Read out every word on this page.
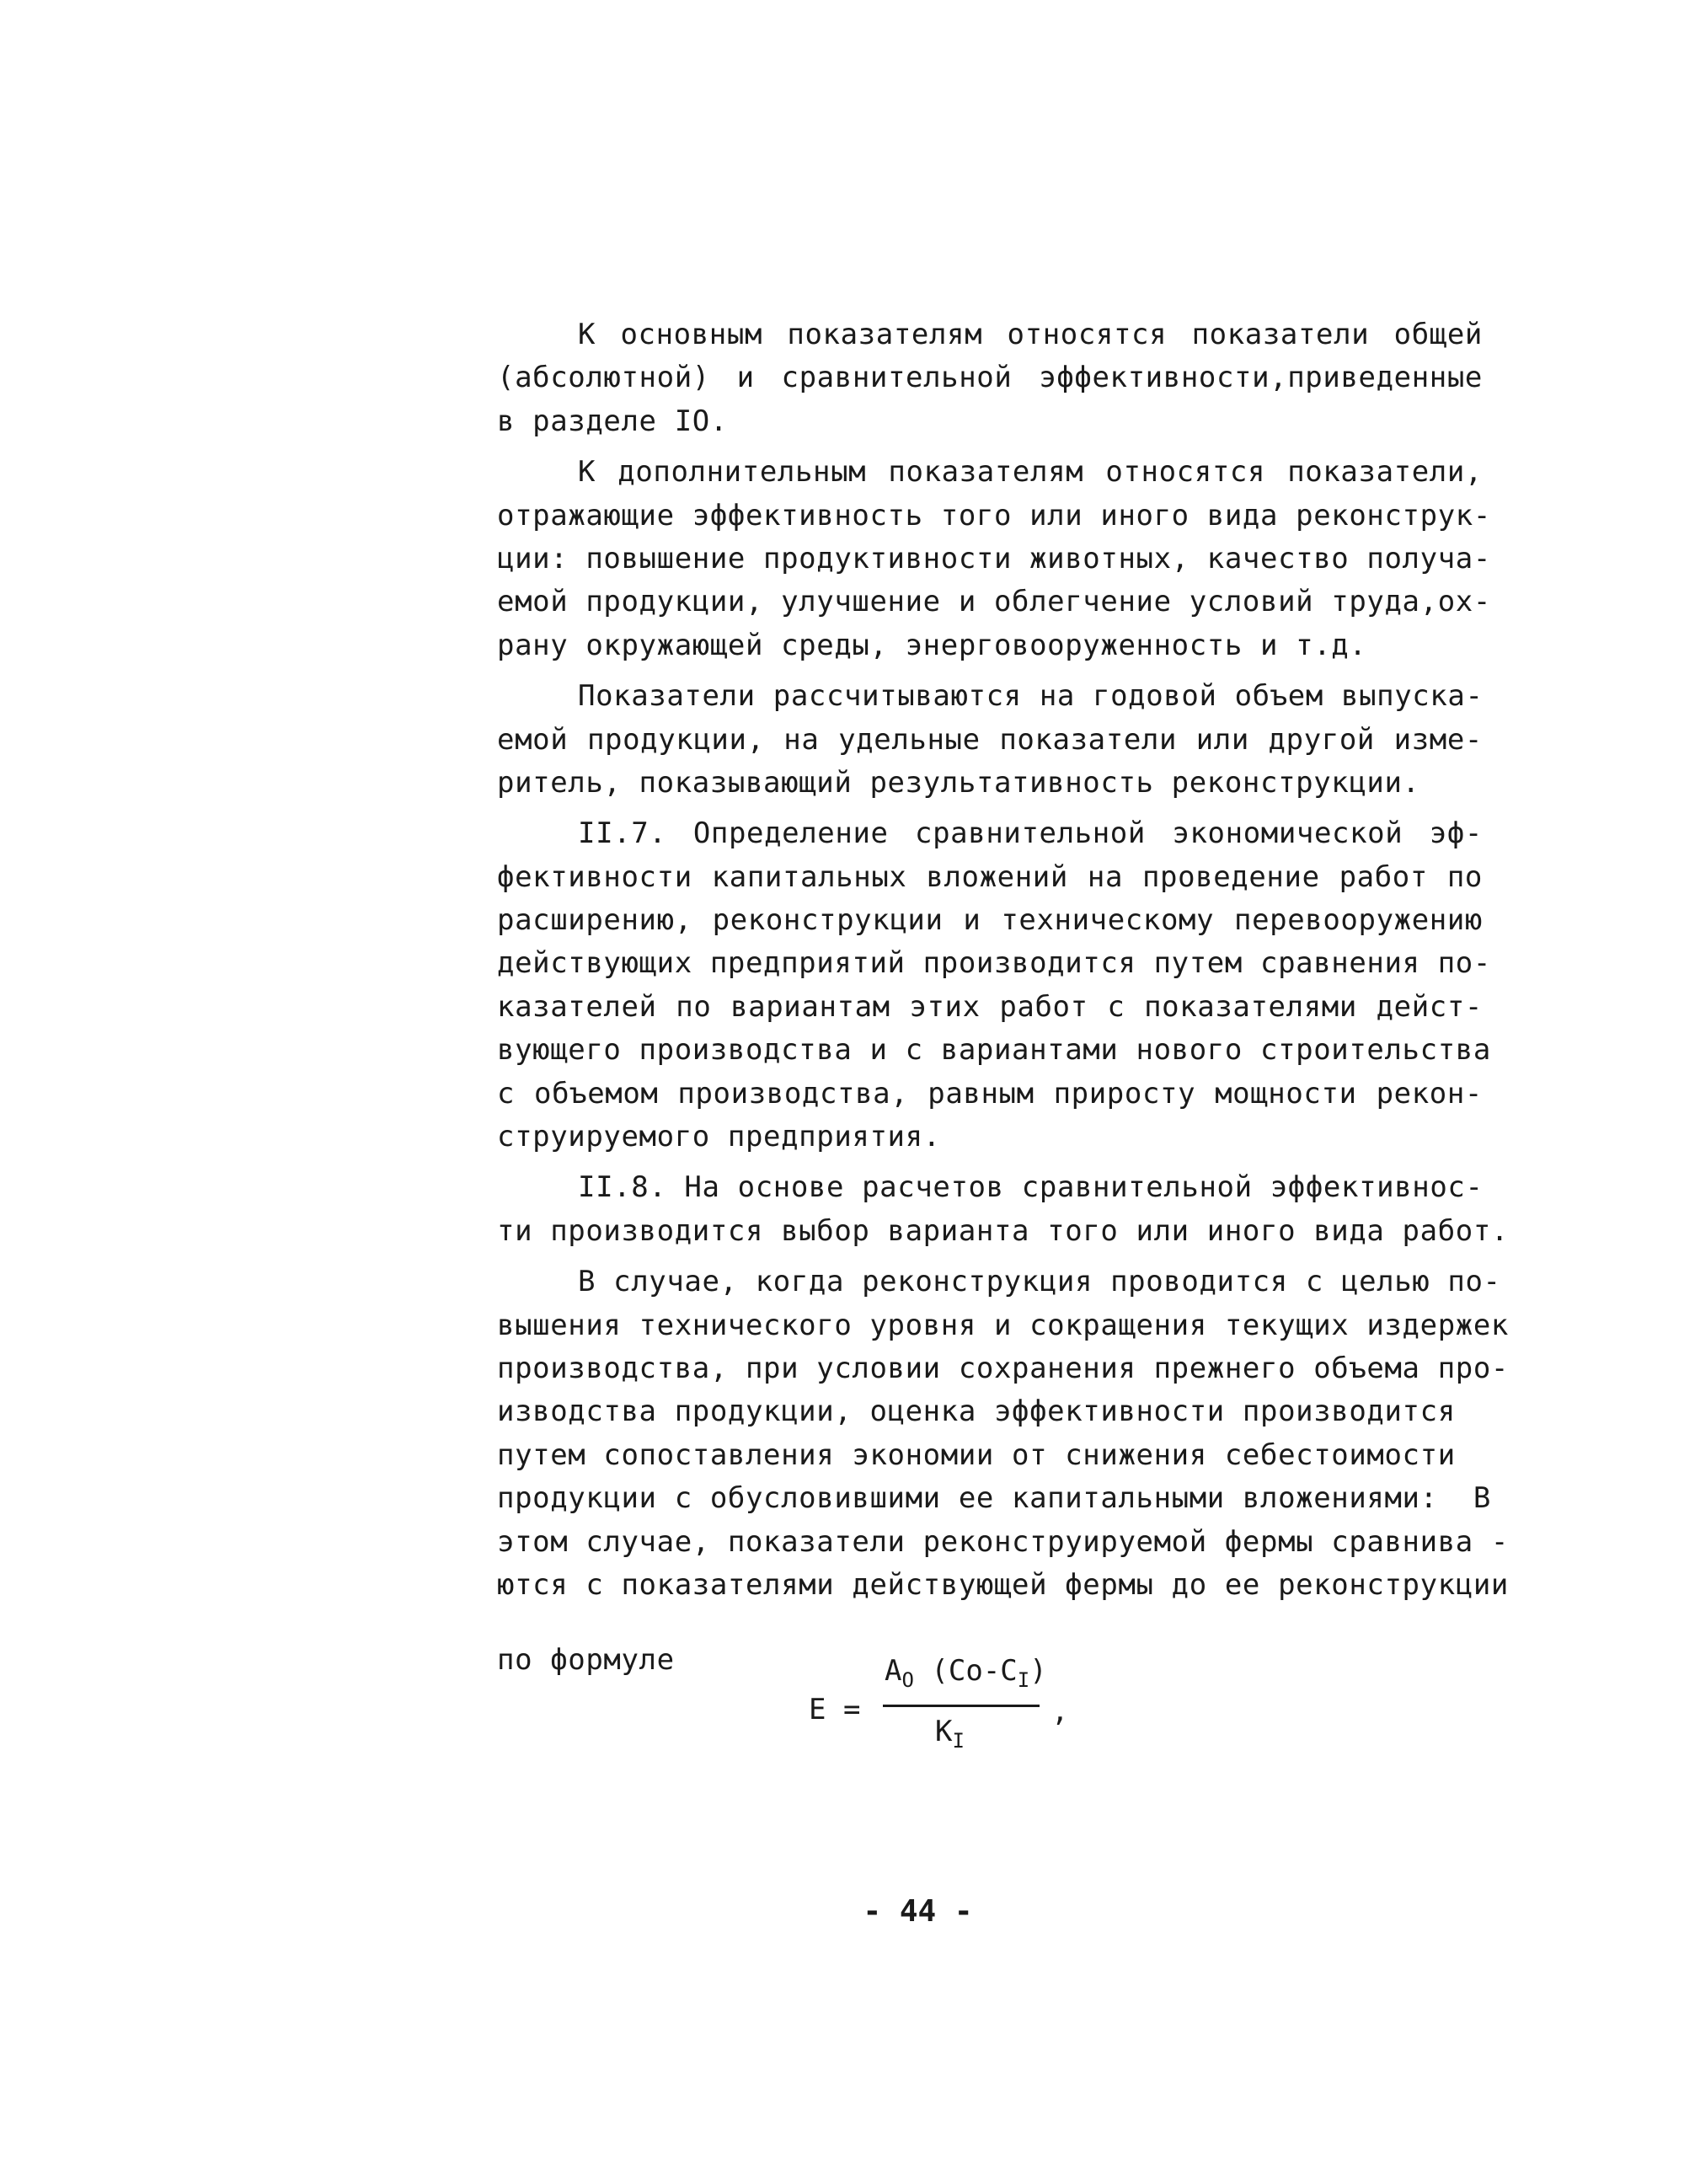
К основным показателям относятся показатели общей
(абсолютной) и сравнительной эффективности,приведенные
в разделе IO.
К дополнительным показателям относятся показатели,
отражающие эффективность того или иного вида реконструк-
ции: повышение продуктивности животных, качество получа-
емой продукции, улучшение и облегчение условий труда,ох-
рану окружающей среды, энерговооруженность и т.д.
Показатели рассчитываются на годовой объем выпуска-
емой продукции, на удельные показатели или другой изме-
ритель, показывающий результативность реконструкции.
II.7. Определение сравнительной экономической эф-
фективности капитальных вложений на проведение работ по
расширению, реконструкции и техническому перевооружению
действующих предприятий производится путем сравнения по-
казателей по вариантам этих работ с показателями дейст-
вующего производства и с вариантами нового строительства
с объемом производства, равным приросту мощности рекон-
струируемого предприятия.
II.8. На основе расчетов сравнительной эффективнос-
ти производится выбор варианта того или иного вида работ.
В случае, когда реконструкция проводится с целью по-
вышения технического уровня и сокращения текущих издержек
производства, при условии сохранения прежнего объема про-
изводства продукции, оценка эффективности производится
путем сопоставления экономии от снижения себестоимости
продукции с обусловившими ее капитальными вложениями:  В
этом случае, показатели реконструируемой фермы сравнива -
ются с показателями действующей фермы до ее реконструкции
по формуле
Е =
$А_O$ $(Со-С_I)$
$К_I$
,
- 44 -
